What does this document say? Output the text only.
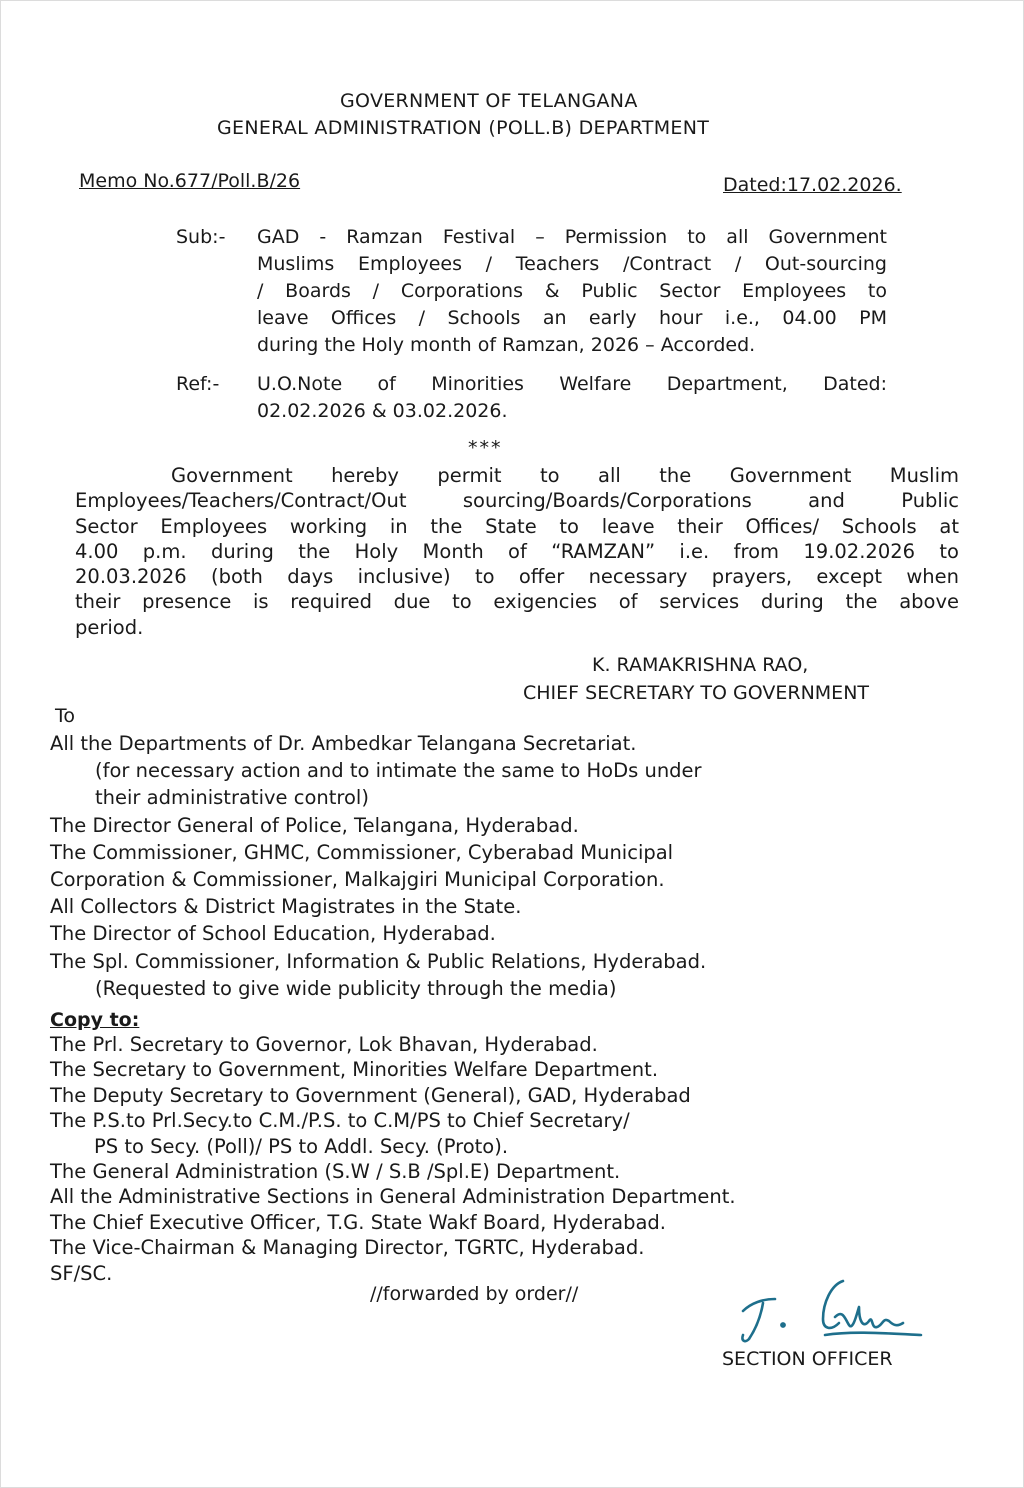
GOVERNMENT OF TELANGANA
GENERAL ADMINISTRATION (POLL.B) DEPARTMENT
Memo No.677/Poll.B/26	Dated:17.02.2026.
Sub:- GAD - Ramzan Festival – Permission to all Government
Muslims Employees / Teachers /Contract / Out-sourcing
/ Boards / Corporations & Public Sector Employees to
leave Offices / Schools an early hour i.e., 04.00 PM
during the Holy month of Ramzan, 2026 – Accorded.
Ref:- U.O.Note of Minorities Welfare Department, Dated:
02.02.2026 & 03.02.2026.
***
Government hereby permit to all the Government Muslim
Employees/Teachers/Contract/Out sourcing/Boards/Corporations and Public
Sector Employees working in the State to leave their Offices/ Schools at
4.00 p.m. during the Holy Month of “RAMZAN” i.e. from 19.02.2026 to
20.03.2026 (both days inclusive) to offer necessary prayers, except when
their presence is required due to exigencies of services during the above
period.
K. RAMAKRISHNA RAO,
CHIEF SECRETARY TO GOVERNMENT
To
All the Departments of Dr. Ambedkar Telangana Secretariat.
(for necessary action and to intimate the same to HoDs under
their administrative control)
The Director General of Police, Telangana, Hyderabad.
The Commissioner, GHMC, Commissioner, Cyberabad Municipal
Corporation & Commissioner, Malkajgiri Municipal Corporation.
All Collectors & District Magistrates in the State.
The Director of School Education, Hyderabad.
The Spl. Commissioner, Information & Public Relations, Hyderabad.
(Requested to give wide publicity through the media)
Copy to:
The Prl. Secretary to Governor, Lok Bhavan, Hyderabad.
The Secretary to Government, Minorities Welfare Department.
The Deputy Secretary to Government (General), GAD, Hyderabad
The P.S.to Prl.Secy.to C.M./P.S. to C.M/PS to Chief Secretary/
PS to Secy. (Poll)/ PS to Addl. Secy. (Proto).
The General Administration (S.W / S.B /Spl.E) Department.
All the Administrative Sections in General Administration Department.
The Chief Executive Officer, T.G. State Wakf Board, Hyderabad.
The Vice-Chairman & Managing Director, TGRTC, Hyderabad.
SF/SC.
//forwarded by order//
SECTION OFFICER
